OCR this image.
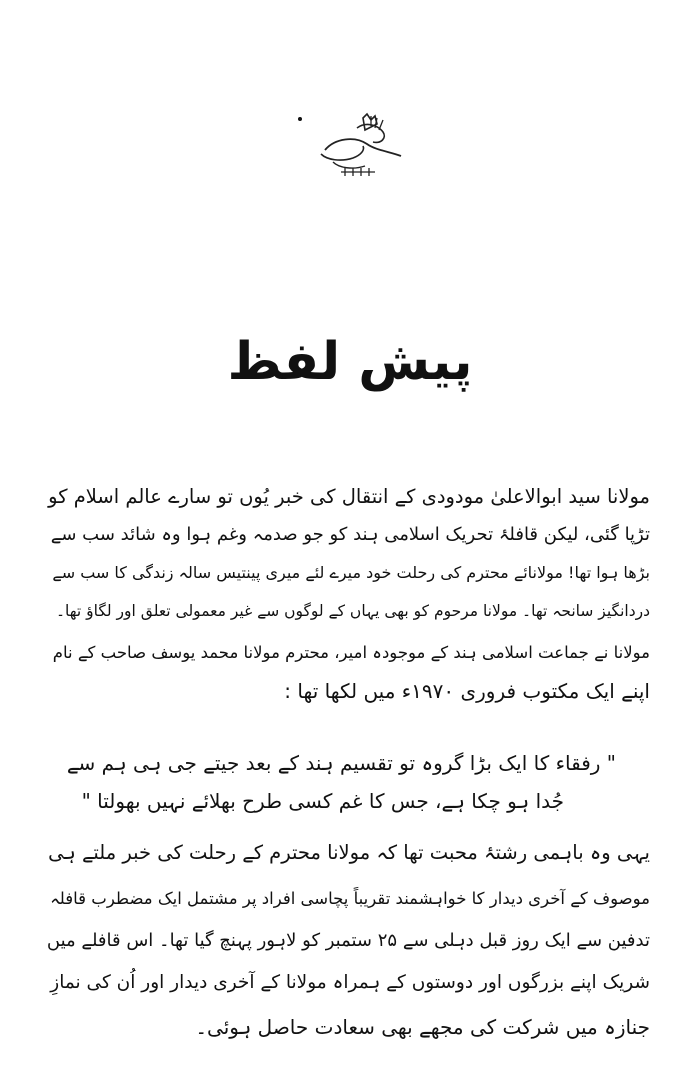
پیش لفظ
مولانا سید ابوالاعلیٰ مودودی کے انتقال کی خبر یُوں تو سارے عالم اسلام کو
تڑپا گئی، لیکن قافلۂ تحریک اسلامی ہند کو جو صدمہ وغم ہوا وہ شائد سب سے
بڑھا ہوا تھا! مولانائے محترم کی رحلت خود میرے لئے میری پینتیس سالہ زندگی کا سب سے
دردانگیز سانحہ تھا۔ مولانا مرحوم کو بھی یہاں کے لوگوں سے غیر معمولی تعلق اور لگاؤ تھا۔
مولانا نے جماعت اسلامی ہند کے موجودہ امیر، محترم مولانا محمد یوسف صاحب کے نام
اپنے ایک مکتوب فروری ۱۹۷۰ء میں لکھا تھا :
" رفقاء کا ایک بڑا گروہ تو تقسیم ہند کے بعد جیتے جی ہی ہم سے
جُدا ہو چکا ہے، جس کا غم کسی طرح بھلائے نہیں بھولتا "
یہی وہ باہمی رشتۂ محبت تھا کہ مولانا محترم کے رحلت کی خبر ملتے ہی
موصوف کے آخری دیدار کا خواہشمند تقریباً پچاسی افراد پر مشتمل ایک مضطرب قافلہ
تدفین سے ایک روز قبل دہلی سے ۲۵ ستمبر کو لاہور پہنچ گیا تھا۔ اس قافلے میں
شریک اپنے بزرگوں اور دوستوں کے ہمراہ مولانا کے آخری دیدار اور اُن کی نمازِ
جنازہ میں شرکت کی مجھے بھی سعادت حاصل ہوئی۔
